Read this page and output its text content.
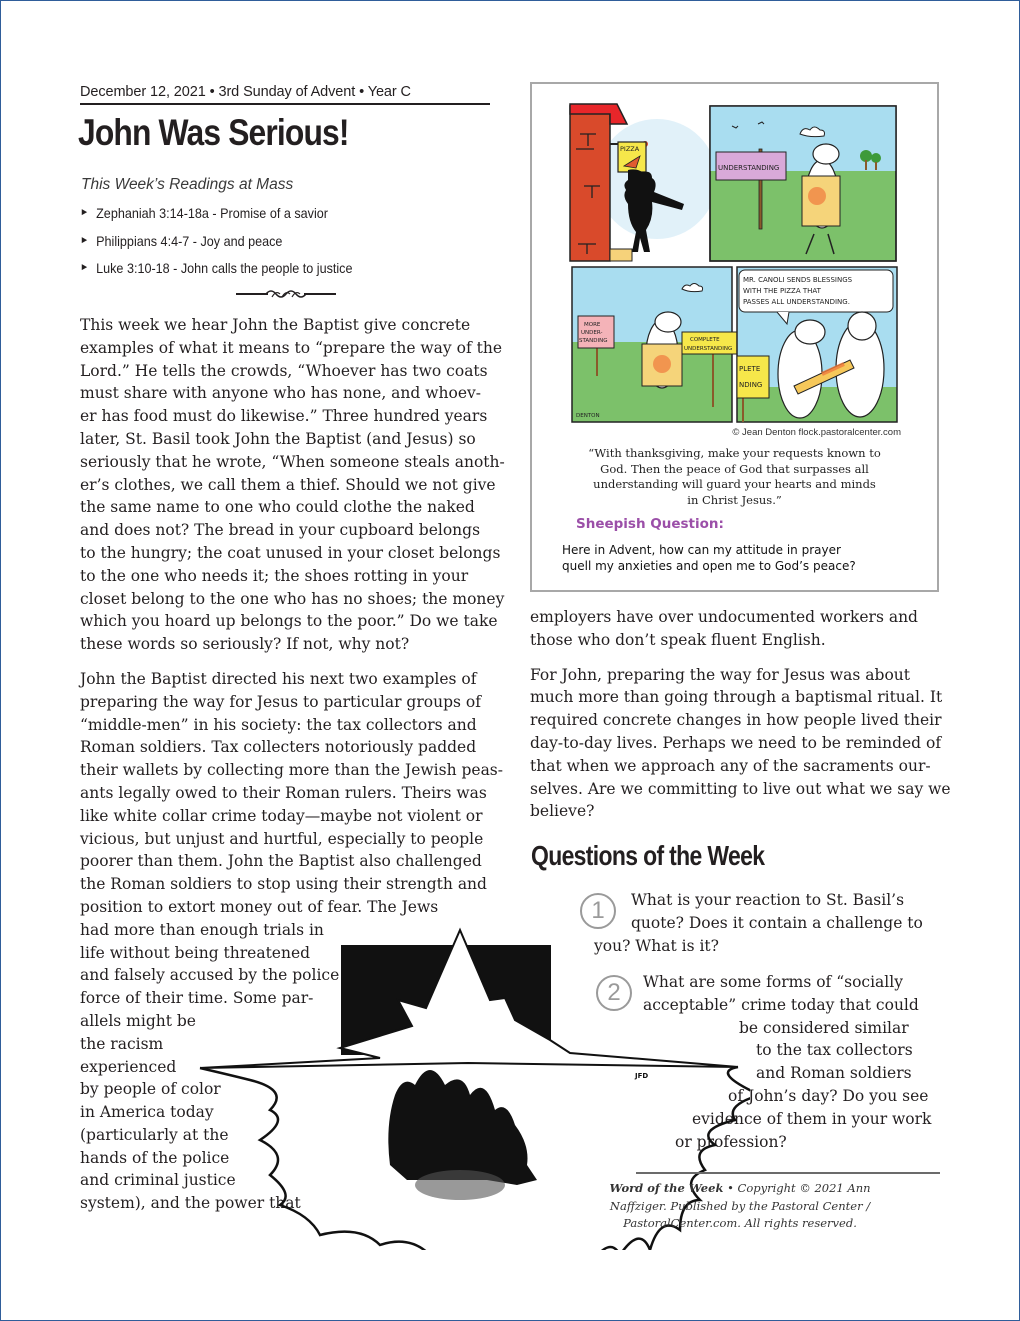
December 12, 2021 • 3rd Sunday of Advent • Year C
John Was Serious!
This Week’s Readings at Mass
► Zephaniah 3:14-18a - Promise of a savior
► Philippians 4:4-7 - Joy and peace
► Luke 3:10-18 - John calls the people to justice

This week we hear John the Baptist give concrete
examples of what it means to “prepare the way of the
Lord.” He tells the crowds, “Whoever has two coats
must share with anyone who has none, and whoev-
er has food must do likewise.” Three hundred years
later, St. Basil took John the Baptist (and Jesus) so
seriously that he wrote, “When someone steals anoth-
er’s clothes, we call them a thief. Should we not give
the same name to one who could clothe the naked
and does not? The bread in your cupboard belongs
to the hungry; the coat unused in your closet belongs
to the one who needs it; the shoes rotting in your
closet belong to the one who has no shoes; the money
which you hoard up belongs to the poor.” Do we take
these words so seriously? If not, why not?

John the Baptist directed his next two examples of
preparing the way for Jesus to particular groups of
“middle-men” in his society: the tax collectors and
Roman soldiers. Tax collecters notoriously padded
their wallets by collecting more than the Jewish peas-
ants legally owed to their Roman rulers. Theirs was
like white collar crime today—maybe not violent or
vicious, but unjust and hurtful, especially to people
poorer than them. John the Baptist also challenged
the Roman soldiers to stop using their strength and
position to extort money out of fear. The Jews
had more than enough trials in
life without being threatened
and falsely accused by the police
force of their time. Some par-
allels might be
the racism
experienced
by people of color
in America today
(particularly at the
hands of the police
and criminal justice
system), and the power that

PIZZA
UNDERSTANDING
MORE UNDER- STANDING	COMPLETE UNDERSTANDING
DENTON
MR. CANOLI SENDS BLESSINGS WITH THE PIZZA THAT PASSES ALL UNDERSTANDING.
PLETE NDING
© Jean Denton flock.pastoralcenter.com
“With thanksgiving, make your requests known to
God. Then the peace of God that surpasses all
understanding will guard your hearts and minds
in Christ Jesus.”
Sheepish Question:
Here in Advent, how can my attitude in prayer
quell my anxieties and open me to God’s peace?

employers have over undocumented workers and
those who don’t speak fluent English.

For John, preparing the way for Jesus was about
much more than going through a baptismal ritual. It
required concrete changes in how people lived their
day-to-day lives. Perhaps we need to be reminded of
that when we approach any of the sacraments our-
selves. Are we committing to live out what we say we
believe?

Questions of the Week
1	What is your reaction to St. Basil’s
quote? Does it contain a challenge to
you? What is it?
2	What are some forms of “socially
acceptable” crime today that could
be considered similar
to the tax collectors
and Roman soldiers
of John’s day? Do you see
evidence of them in your work
or profession?
JFD
Word of the Week • Copyright © 2021 Ann
Naffziger. Published by the Pastoral Center /
PastoralCenter.com. All rights reserved.
